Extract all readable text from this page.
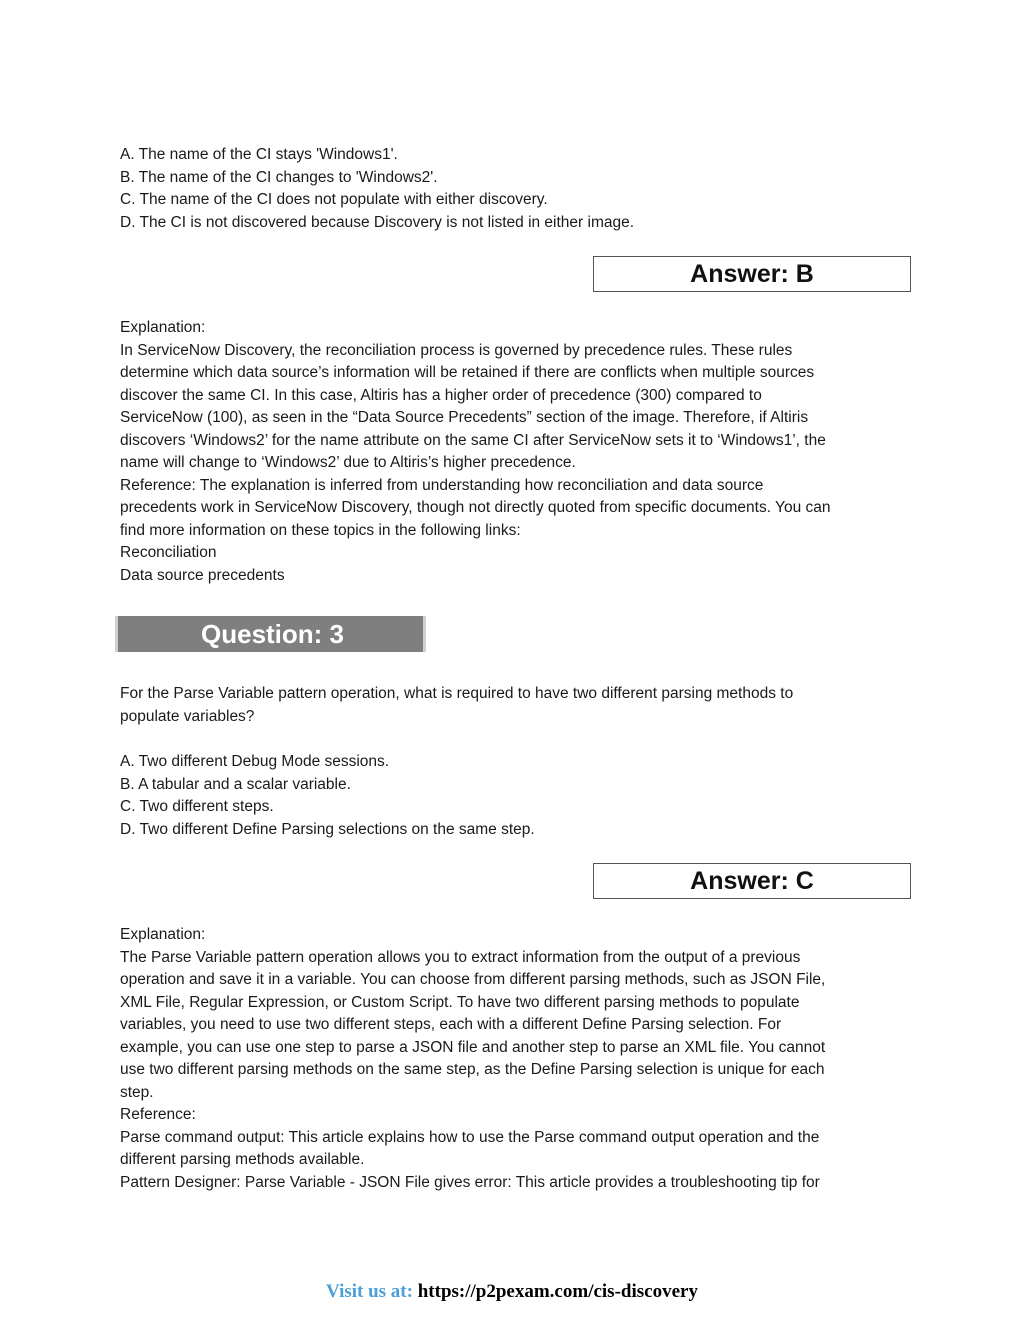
A. The name of the CI stays 'Windows1'.
B. The name of the CI changes to 'Windows2'.
C. The name of the CI does not populate with either discovery.
D. The CI is not discovered because Discovery is not listed in either image.
Answer: B
Explanation:
In ServiceNow Discovery, the reconciliation process is governed by precedence rules. These rules
determine which data source’s information will be retained if there are conflicts when multiple sources
discover the same CI. In this case, Altiris has a higher order of precedence (300) compared to
ServiceNow (100), as seen in the “Data Source Precedents” section of the image. Therefore, if Altiris
discovers ‘Windows2’ for the name attribute on the same CI after ServiceNow sets it to ‘Windows1’, the
name will change to ‘Windows2’ due to Altiris’s higher precedence.
Reference: The explanation is inferred from understanding how reconciliation and data source
precedents work in ServiceNow Discovery, though not directly quoted from specific documents. You can
find more information on these topics in the following links:
Reconciliation
Data source precedents
Question: 3
For the Parse Variable pattern operation, what is required to have two different parsing methods to
populate variables?
A. Two different Debug Mode sessions.
B. A tabular and a scalar variable.
C. Two different steps.
D. Two different Define Parsing selections on the same step.
Answer: C
Explanation:
The Parse Variable pattern operation allows you to extract information from the output of a previous
operation and save it in a variable. You can choose from different parsing methods, such as JSON File,
XML File, Regular Expression, or Custom Script. To have two different parsing methods to populate
variables, you need to use two different steps, each with a different Define Parsing selection. For
example, you can use one step to parse a JSON file and another step to parse an XML file. You cannot
use two different parsing methods on the same step, as the Define Parsing selection is unique for each
step.
Reference:
Parse command output: This article explains how to use the Parse command output operation and the
different parsing methods available.
Pattern Designer: Parse Variable - JSON File gives error: This article provides a troubleshooting tip for
Visit us at: https://p2pexam.com/cis-discovery
